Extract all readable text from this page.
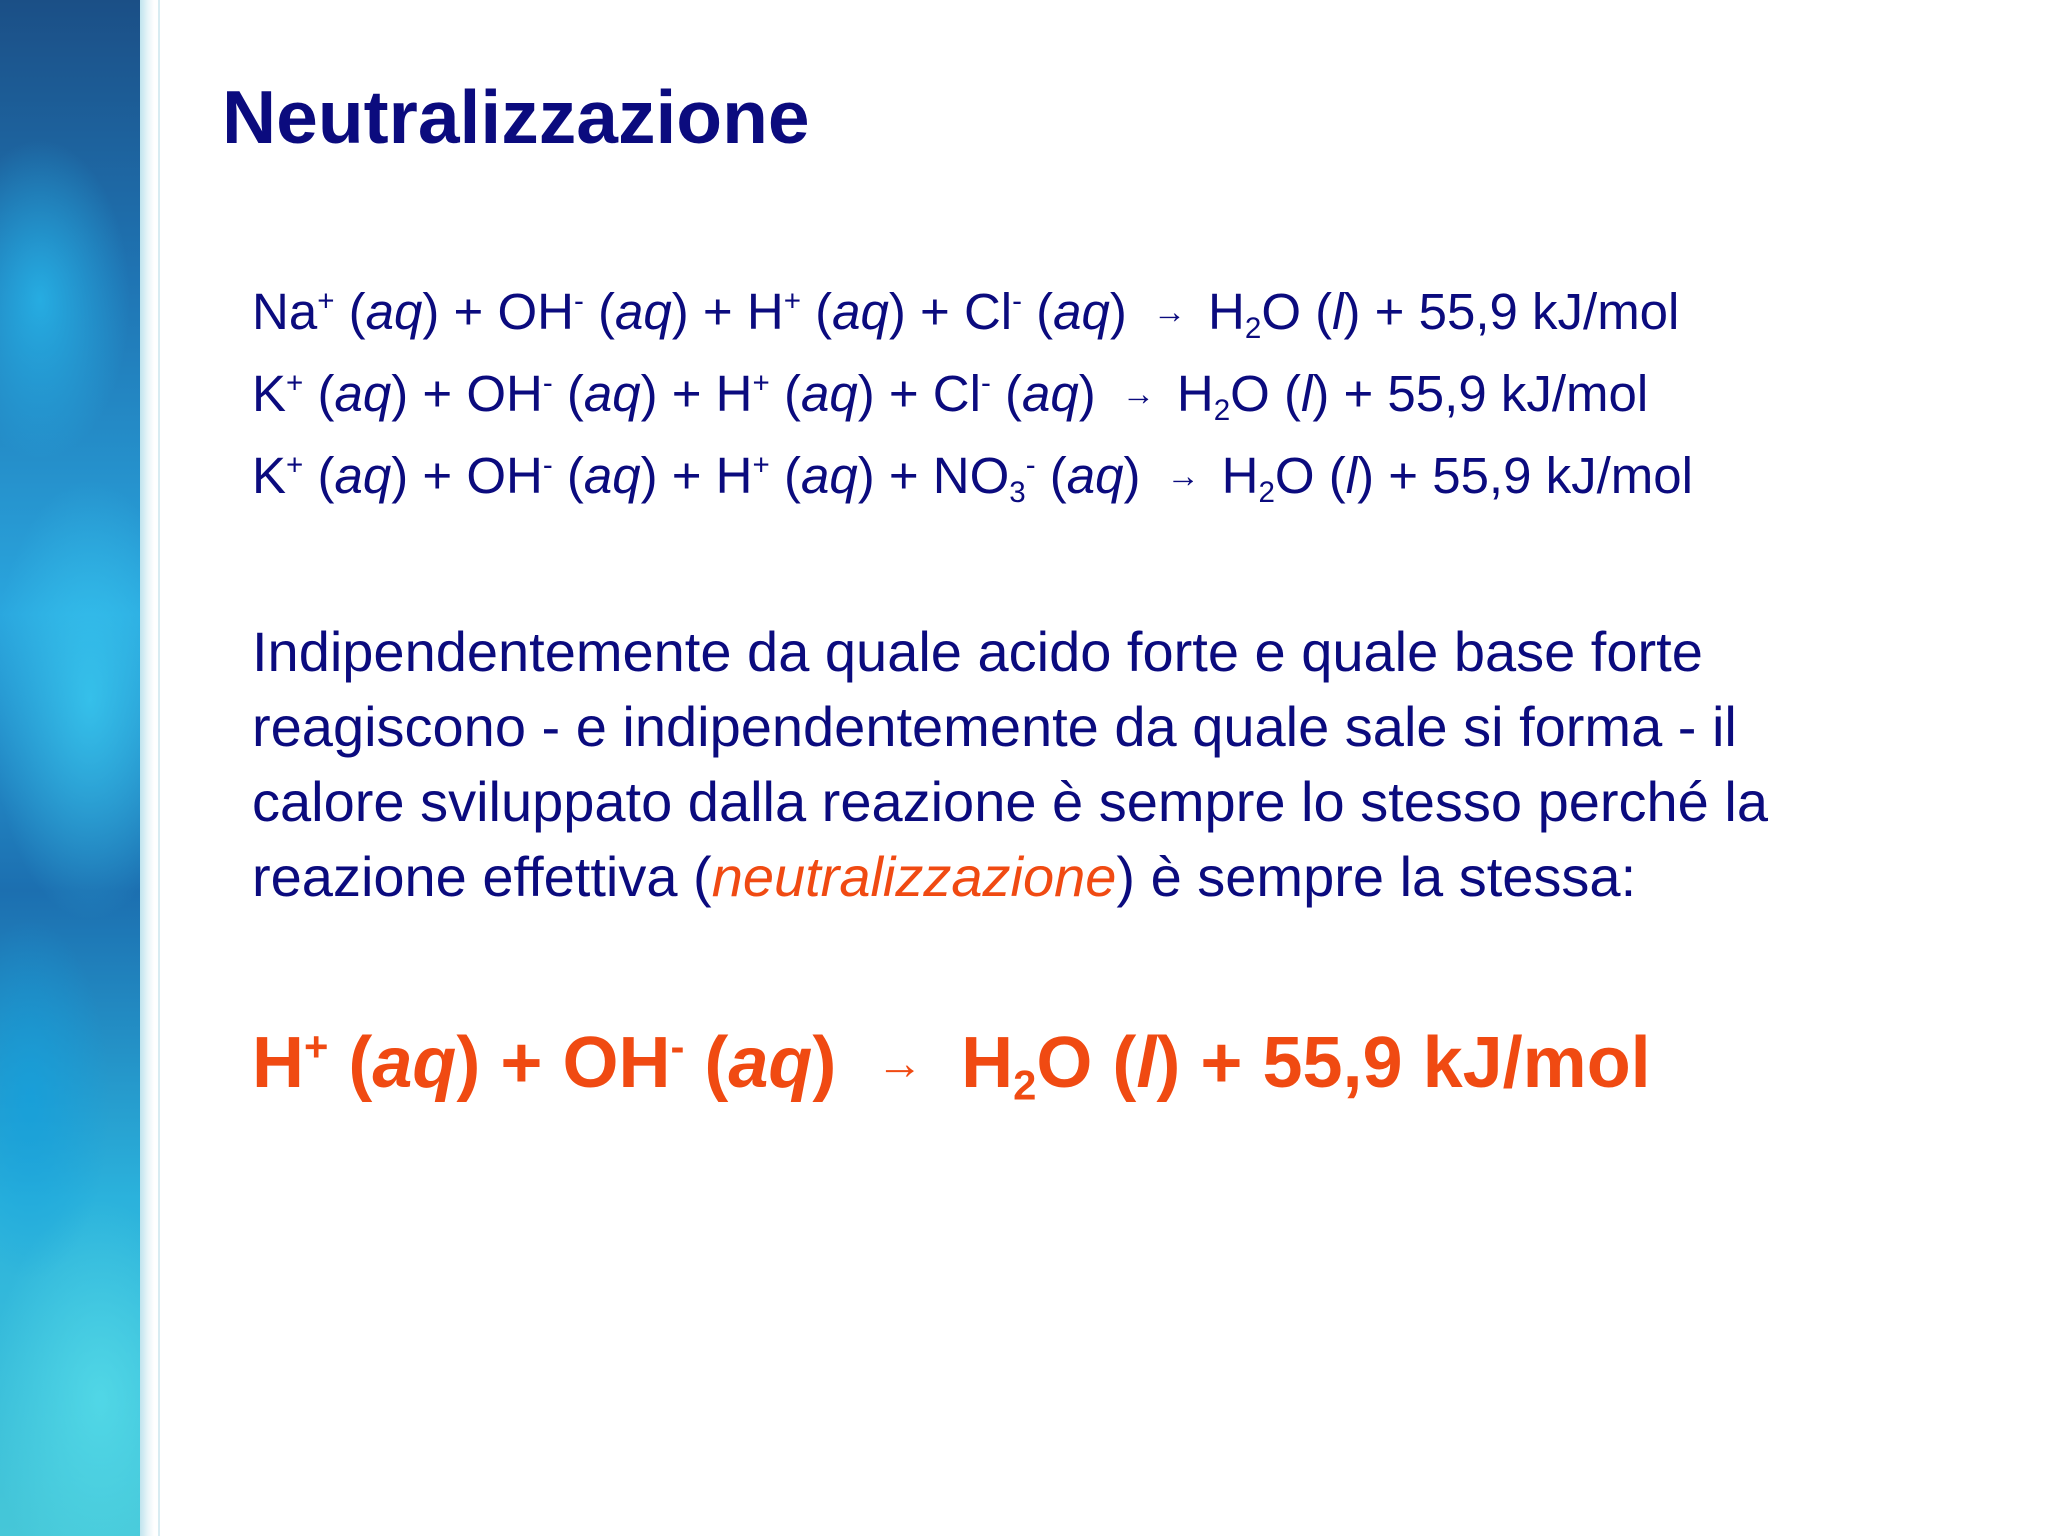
Neutralizzazione
Na+ (aq) + OH- (aq) + H+ (aq) + Cl- $(aq) \to H_2O$ (l) + 55,9 kJ/mol
K+ (aq) + OH- (aq) + H+ (aq) + Cl- $(aq) \to H_2O$ (l) + 55,9 kJ/mol
K+ (aq) + OH- (aq) + H+ $(aq) + NO_3^-$ $(aq) \to H_2O$ (l) + 55,9 kJ/mol
Indipendentemente da quale acido forte e quale base forte
reagiscono - e indipendentemente da quale sale si forma - il
calore sviluppato dalla reazione è sempre lo stesso perché la
reazione effettiva (neutralizzazione) è sempre la stessa:
H+ (aq) + OH- $(aq) \to H_2O$ (l) + 55,9 kJ/mol
